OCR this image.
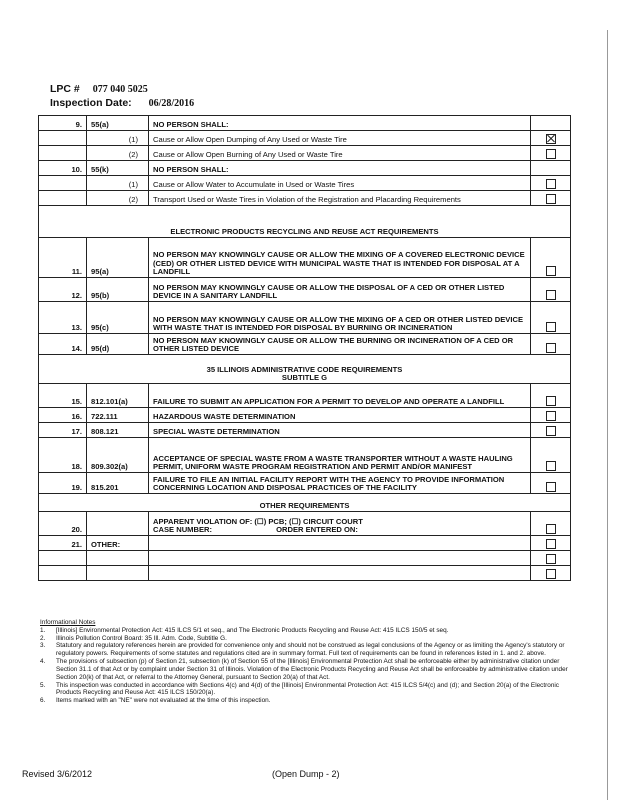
LPC # 077 040 5025
Inspection Date: 06/28/2016
9.	55(a)	NO PERSON SHALL:	
	(1)	Cause or Allow Open Dumping of Any Used or Waste Tire	
	(2)	Cause or Allow Open Burning of Any Used or Waste Tire	
10.	55(k)	NO PERSON SHALL:	
	(1)	Cause or Allow Water to Accumulate in Used or Waste Tires	
	(2)	Transport Used or Waste Tires in Violation of the Registration and Placarding Requirements	

ELECTRONIC PRODUCTS RECYCLING AND REUSE ACT REQUIREMENTS			

11.	95(a)	NO PERSON MAY KNOWINGLY CAUSE OR ALLOW THE MIXING OF A COVERED ELECTRONIC DEVICE (CED) OR OTHER LISTED DEVICE WITH MUNICIPAL WASTE THAT IS INTENDED FOR DISPOSAL AT A LANDFILL	
12.	95(b)	NO PERSON MAY KNOWINGLY CAUSE OR ALLOW THE DISPOSAL OF A CED OR OTHER LISTED DEVICE IN A SANITARY LANDFILL	
13.	95(c)	NO PERSON MAY KNOWINGLY CAUSE OR ALLOW THE MIXING OF A CED OR OTHER LISTED DEVICE WITH WASTE THAT IS INTENDED FOR DISPOSAL BY BURNING OR INCINERATION	
14.	95(d)	NO PERSON MAY KNOWINGLY CAUSE OR ALLOW THE BURNING OR INCINERATION OF A CED OR OTHER LISTED DEVICE	

35 ILLINOIS ADMINISTRATIVE CODE REQUIREMENTS
SUBTITLE G			

15.	812.101(a)	FAILURE TO SUBMIT AN APPLICATION FOR A PERMIT TO DEVELOP AND OPERATE A LANDFILL	
16.	722.111	HAZARDOUS WASTE DETERMINATION	
17.	808.121	SPECIAL WASTE DETERMINATION	
18.	809.302(a)	ACCEPTANCE OF SPECIAL WASTE FROM A WASTE TRANSPORTER WITHOUT A WASTE HAULING PERMIT, UNIFORM WASTE PROGRAM REGISTRATION AND PERMIT AND/OR MANIFEST	
19.	815.201	FAILURE TO FILE AN INITIAL FACILITY REPORT WITH THE AGENCY TO PROVIDE INFORMATION CONCERNING LOCATION AND DISPOSAL PRACTICES OF THE FACILITY	

OTHER REQUIREMENTS			

20.		APPARENT VIOLATION OF: (☐) PCB; (☐) CIRCUIT COURT
CASE NUMBER: ORDER ENTERED ON:	

21.	OTHER:		

Informational Notes
1.	[Illinois] Environmental Protection Act: 415 ILCS 5/1 et seq., and The Electronic Products Recycling and Reuse Act: 415 ILCS 150/5 et seq.
2.	Illinois Pollution Control Board: 35 Ill. Adm. Code, Subtitle G.
3.	Statutory and regulatory references herein are provided for convenience only and should not be construed as legal conclusions of the Agency or as limiting the Agency's statutory or regulatory powers. Requirements of some statutes and regulations cited are in summary format. Full text of requirements can be found in references listed in 1. and 2. above.
4.	The provisions of subsection (p) of Section 21, subsection (k) of Section 55 of the [Illinois] Environmental Protection Act shall be enforceable either by administrative citation under Section 31.1 of that Act or by complaint under Section 31 of Illinois. Violation of the Electronic Products Recycling and Reuse Act shall be enforceable by administrative citation under Section 20(k) of that Act, or referral to the Attorney General, pursuant to Section 20(a) of that Act.
5.	This inspection was conducted in accordance with Sections 4(c) and 4(d) of the [Illinois] Environmental Protection Act: 415 ILCS 5/4(c) and (d); and Section 20(a) of the Electronic Products Recycling and Reuse Act: 415 ILCS 150/20(a).
6.	Items marked with an "NE" were not evaluated at the time of this inspection.
Revised 3/6/2012	(Open Dump - 2)
